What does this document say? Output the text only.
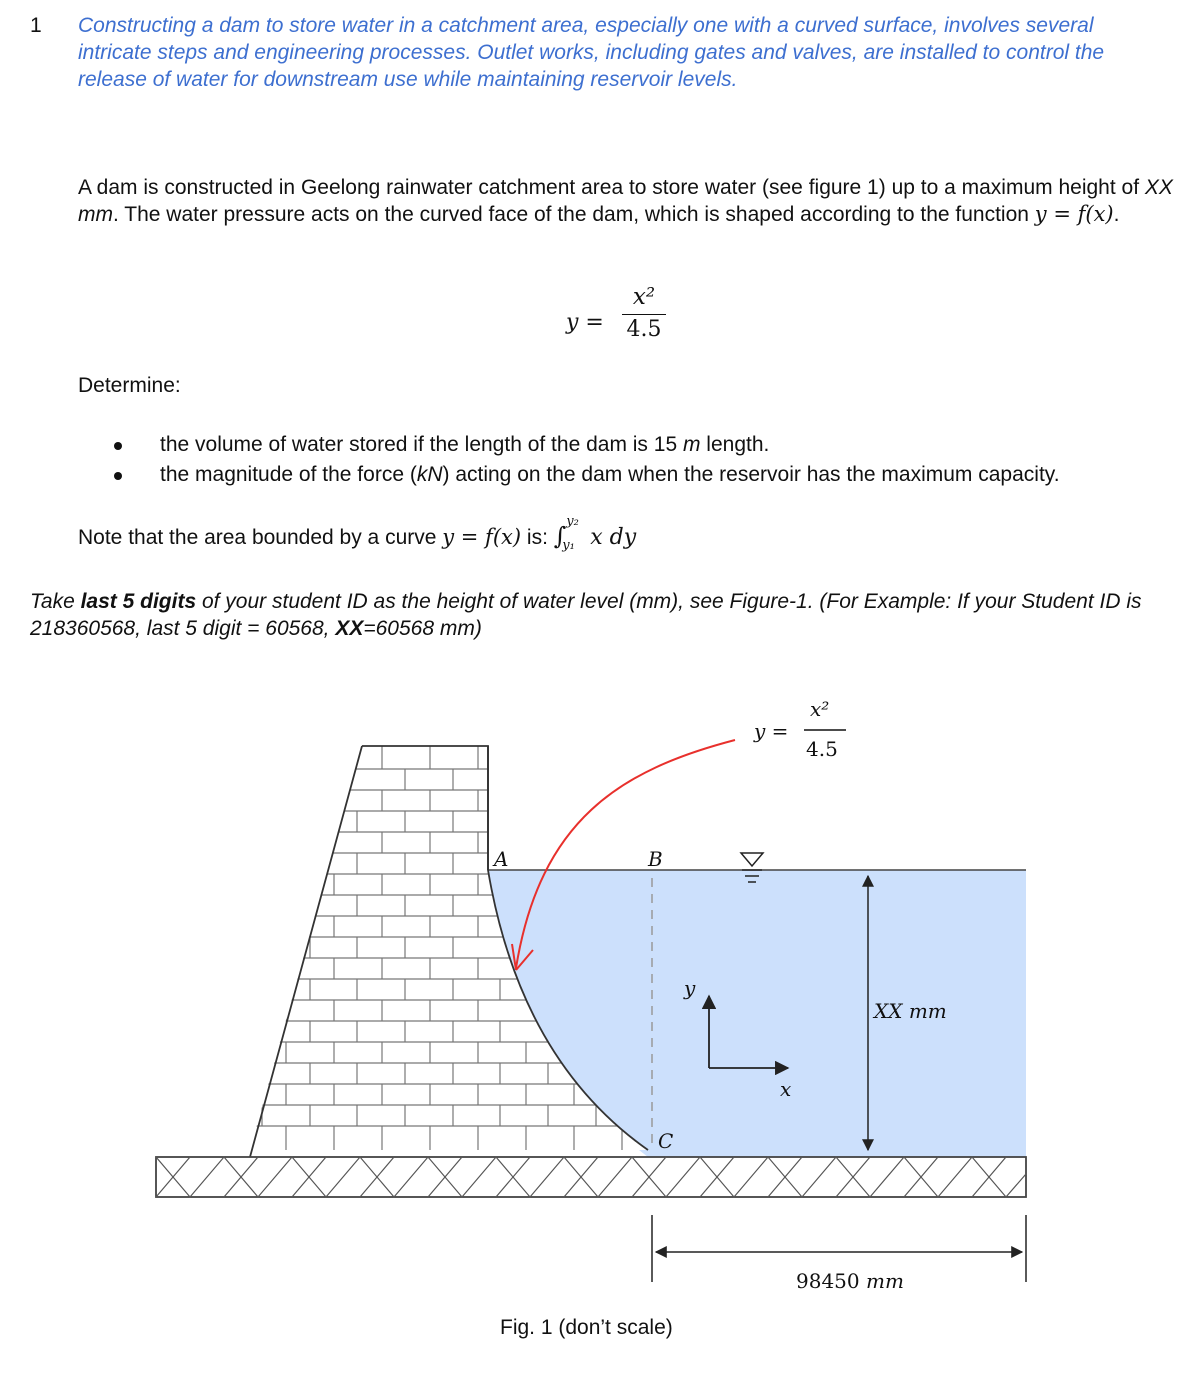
1 Constructing a dam to store water in a catchment area, especially one with a curved surface, involves several intricate steps and engineering processes. Outlet works, including gates and valves, are installed to control the release of water for downstream use while maintaining reservoir levels.
A dam is constructed in Geelong rainwater catchment area to store water (see figure 1) up to a maximum height of XX mm. The water pressure acts on the curved face of the dam, which is shaped according to the function y = f(x).
y =
x²
4.5
Determine:
the volume of water stored if the length of the dam is 15 m length.
the magnitude of the force (kN) acting on the dam when the reservoir has the maximum capacity.
Note that the area bounded by a curve y = f(x) is: ∫
y₂
y₁ x dy
Take last 5 digits of your student ID as the height of water level (mm), see Figure-1. (For Example: If your Student ID is 218360568, last 5 digit = 60568, XX=60568 mm)
A	B
C
y =
x²
4.5
y
x
XX mm
98450 mm
Fig. 1 (don’t scale)
